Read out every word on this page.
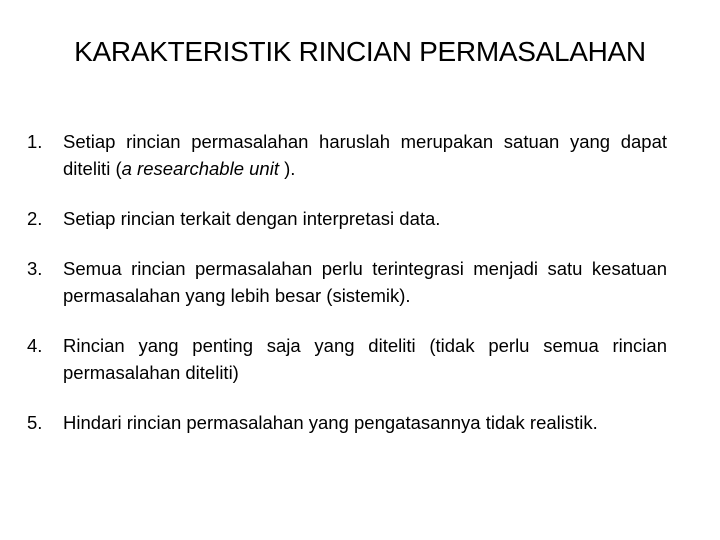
KARAKTERISTIK RINCIAN PERMASALAHAN
1.	Setiap rincian permasalahan haruslah merupakan satuan yang dapat diteliti (a researchable unit ).
2.	Setiap rincian terkait dengan interpretasi data.
3.	Semua rincian permasalahan perlu terintegrasi menjadi satu kesatuan permasalahan yang lebih besar (sistemik).
4.	Rincian yang penting saja yang diteliti (tidak perlu semua rincian permasalahan diteliti)
5.	Hindari rincian permasalahan yang pengatasannya tidak realistik.
